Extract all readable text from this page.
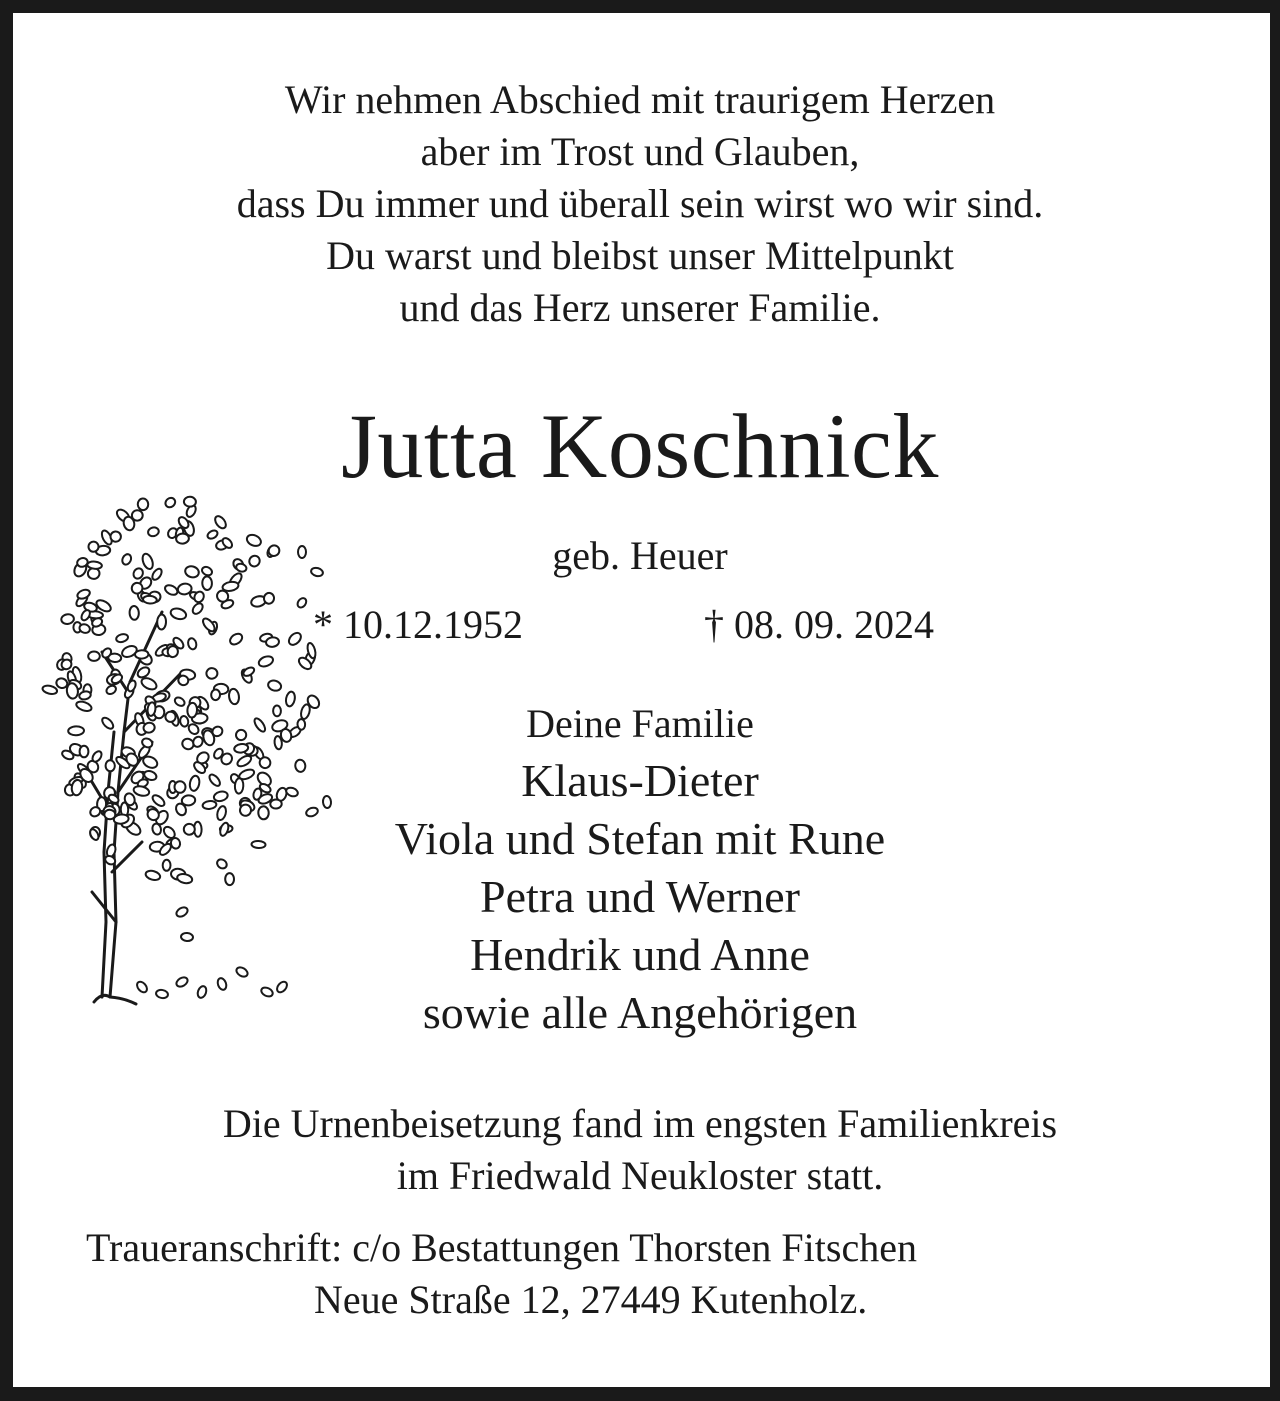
Wir nehmen Abschied mit traurigem Herzen
aber im Trost und Glauben,
dass Du immer und überall sein wirst wo wir sind.
Du warst und bleibst unser Mittelpunkt
und das Herz unserer Familie.
Jutta Koschnick
geb. Heuer
* 10.12.1952	† 08. 09. 2024
Deine Familie
Klaus-Dieter
Viola und Stefan mit Rune
Petra und Werner
Hendrik und Anne
sowie alle Angehörigen
Die Urnenbeisetzung fand im engsten Familienkreis
im Friedwald Neukloster statt.
Traueranschrift: c/o Bestattungen Thorsten Fitschen
Neue Straße 12, 27449 Kutenholz.
